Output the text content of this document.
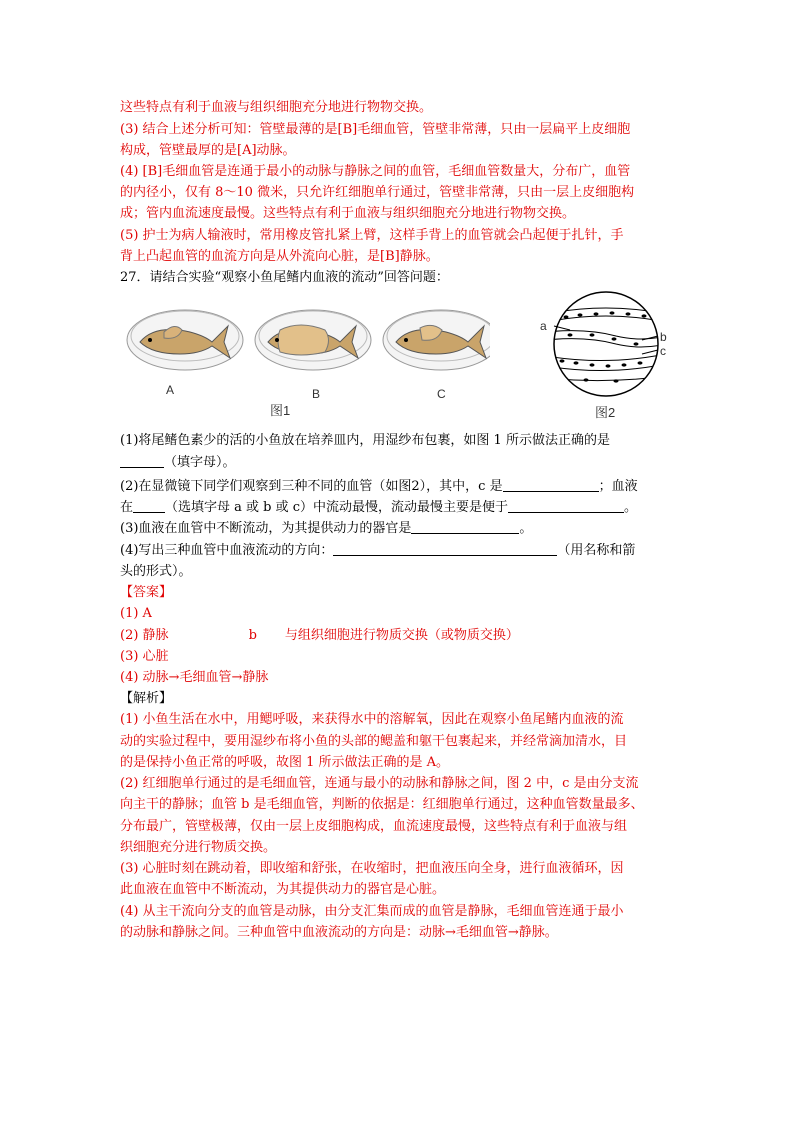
这些特点有利于血液与组织细胞充分地进行物物交换。
(3) 结合上述分析可知：管壁最薄的是[B]毛细血管，管壁非常薄，只由一层扁平上皮细胞
构成，管壁最厚的是[A]动脉。
(4) [B]毛细血管是连通于最小的动脉与静脉之间的血管，毛细血管数量大，分布广，血管
的内径小，仅有 8～10 微米，只允许红细胞单行通过，管壁非常薄，只由一层上皮细胞构
成；管内血流速度最慢。这些特点有利于血液与组织细胞充分地进行物物交换。
(5) 护士为病人输液时，常用橡皮管扎紧上臂，这样手背上的血管就会凸起便于扎针，手
背上凸起血管的血流方向是从外流向心脏，是[B]静脉。
27．请结合实验“观察小鱼尾鳍内血液的流动”回答问题：
A	B	C
图1
a
b
c
图2
(1)将尾鳍色素少的活的小鱼放在培养皿内，用湿纱布包裹，如图 1 所示做法正确的是
（填字母）。
(2)在显微镜下同学们观察到三种不同的血管（如图2），其中，c 是	；血液
在 （选填字母 a 或 b 或 c）中流动最慢，流动最慢主要是便于	。
(3)血液在血管中不断流动，为其提供动力的器官是	。
(4)写出三种血管中血液流动的方向：	（用名称和箭
头的形式）。
【答案】
(1) A
(2) 静脉	b 与组织细胞进行物质交换（或物质交换）
(3) 心脏
(4) 动脉→毛细血管→静脉
【解析】
(1) 小鱼生活在水中，用鳃呼吸，来获得水中的溶解氧，因此在观察小鱼尾鳍内血液的流
动的实验过程中，要用湿纱布将小鱼的头部的鳃盖和躯干包裹起来，并经常滴加清水，目
的是保持小鱼正常的呼吸，故图 1 所示做法正确的是 A。
(2) 红细胞单行通过的是毛细血管，连通与最小的动脉和静脉之间，图 2 中，c 是由分支流
向主干的静脉；血管 b 是毛细血管，判断的依据是：红细胞单行通过，这种血管数量最多、
分布最广，管壁极薄，仅由一层上皮细胞构成，血流速度最慢，这些特点有利于血液与组
织细胞充分进行物质交换。
(3) 心脏时刻在跳动着，即收缩和舒张，在收缩时，把血液压向全身，进行血液循环，因
此血液在血管中不断流动，为其提供动力的器官是心脏。
(4) 从主干流向分支的血管是动脉，由分支汇集而成的血管是静脉，毛细血管连通于最小
的动脉和静脉之间。三种血管中血液流动的方向是：动脉→毛细血管→静脉。
